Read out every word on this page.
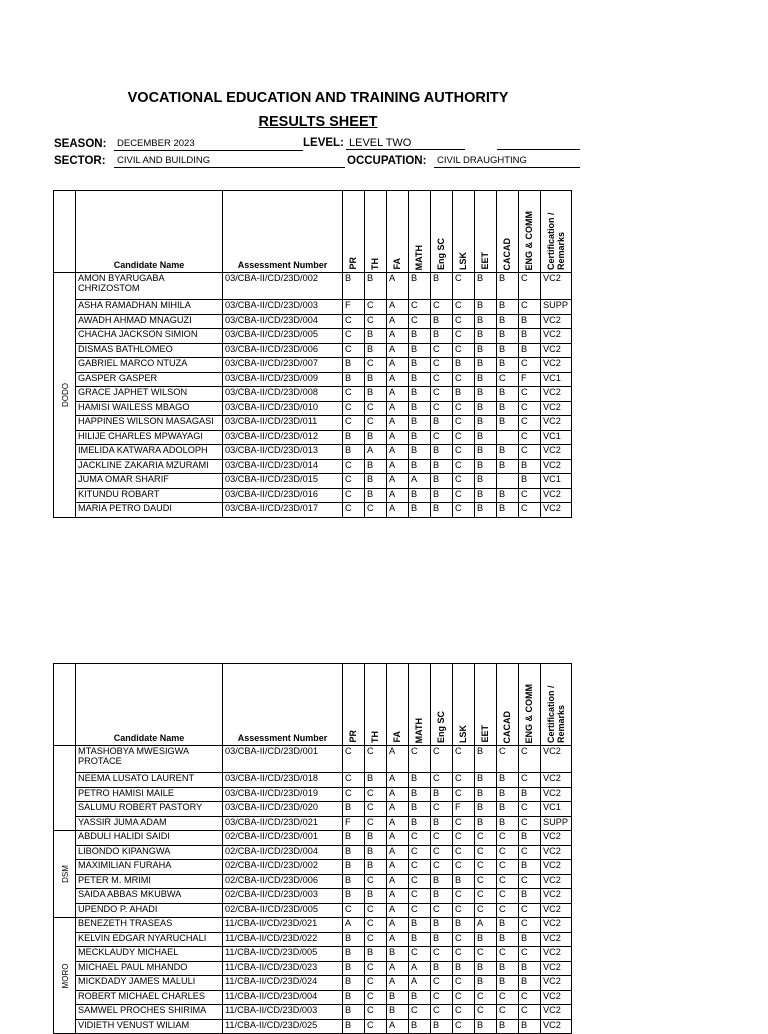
VOCATIONAL EDUCATION AND TRAINING AUTHORITY
RESULTS SHEET
SEASON:	DECEMBER 2023	LEVEL: LEVEL TWO
SECTOR:	CIVIL AND BUILDING	OCCUPATION:	CIVIL DRAUGHTING
	Candidate Name	Assessment Number	PR	TH	FA	MATH	Eng SC	LSK	EET	CACAD	ENG & COMM	Certification / Remarks

DODO	AMON BYARUGABA CHRIZOSTOM	03/CBA-II/CD/23D/002	B	B	A	B	B	C	B	B	C	VC2
	ASHA RAMADHAN MIHILA	03/CBA-II/CD/23D/003	F	C	A	C	C	C	B	B	C	SUPP
	AWADH AHMAD MNAGUZI	03/CBA-II/CD/23D/004	C	C	A	C	B	C	B	B	B	VC2
	CHACHA JACKSON SIMION	03/CBA-II/CD/23D/005	C	B	A	B	B	C	B	B	B	VC2
	DISMAS BATHLOMEO	03/CBA-II/CD/23D/006	C	B	A	B	C	C	B	B	B	VC2
	GABRIEL MARCO NTUZA	03/CBA-II/CD/23D/007	B	C	A	B	C	B	B	B	C	VC2
	GASPER GASPER	03/CBA-II/CD/23D/009	B	B	A	B	C	C	B	C	F	VC1
	GRACE JAPHET WILSON	03/CBA-II/CD/23D/008	C	B	A	B	C	B	B	B	C	VC2
	HAMISI WAILESS MBAGO	03/CBA-II/CD/23D/010	C	C	A	B	C	C	B	B	C	VC2
	HAPPINES WILSON MASAGASI	03/CBA-II/CD/23D/011	C	C	A	B	B	C	B	B	C	VC2
	HILIJE CHARLES MPWAYAGI	03/CBA-II/CD/23D/012	B	B	A	B	C	C	B		C	VC1
	IMELIDA KATWARA ADOLOPH	03/CBA-II/CD/23D/013	B	A	A	B	B	C	B	B	C	VC2
	JACKLINE ZAKARIA MZURAMI	03/CBA-II/CD/23D/014	C	B	A	B	B	C	B	B	B	VC2
	JUMA OMAR SHARIF	03/CBA-II/CD/23D/015	C	B	A	A	B	C	B		B	VC1
	KITUNDU ROBART	03/CBA-II/CD/23D/016	C	B	A	B	B	C	B	B	C	VC2
	MARIA PETRO DAUDI	03/CBA-II/CD/23D/017	C	C	A	B	B	C	B	B	C	VC2
	Candidate Name	Assessment Number	PR	TH	FA	MATH	Eng SC	LSK	EET	CACAD	ENG & COMM	Certification / Remarks

	MTASHOBYA MWESIGWA PROTACE	03/CBA-II/CD/23D/001	C	C	A	C	C	C	B	C	C	VC2
	NEEMA LUSATO LAURENT	03/CBA-II/CD/23D/018	C	B	A	B	C	C	B	B	C	VC2
	PETRO HAMISI MAILE	03/CBA-II/CD/23D/019	C	C	A	B	B	C	B	B	B	VC2
	SALUMU ROBERT PASTORY	03/CBA-II/CD/23D/020	B	C	A	B	C	F	B	B	C	VC1
	YASSIR JUMA ADAM	03/CBA-II/CD/23D/021	F	C	A	B	B	C	B	B	C	SUPP

DSM	ABDULI HALIDI SAIDI	02/CBA-II/CD/23D/001	B	B	A	C	C	C	C	C	B	VC2
	LIBONDO KIPANGWA	02/CBA-II/CD/23D/004	B	B	A	C	C	C	C	C	C	VC2
	MAXIMILIAN FURAHA	02/CBA-II/CD/23D/002	B	B	A	C	C	C	C	C	B	VC2
	PETER M. MRIMI	02/CBA-II/CD/23D/006	B	C	A	C	B	B	C	C	C	VC2
	SAIDA ABBAS MKUBWA	02/CBA-II/CD/23D/003	B	B	A	C	B	C	C	C	B	VC2
	UPENDO P. AHADI	02/CBA-II/CD/23D/005	C	C	A	C	C	C	C	C	C	VC2

MORO	BENEZETH TRASEAS	11/CBA-II/CD/23D/021	A	C	A	B	B	B	A	B	C	VC2
	KELVIN EDGAR NYARUCHALI	11/CBA-II/CD/23D/022	B	C	A	B	B	C	B	B	B	VC2
	MECKLAUDY MICHAEL	11/CBA-II/CD/23D/005	B	B	B	C	C	C	C	C	C	VC2
	MICHAEL PAUL MHANDO	11/CBA-II/CD/23D/023	B	C	A	A	B	B	B	B	B	VC2
	MICKDADY JAMES MALULI	11/CBA-II/CD/23D/024	B	C	A	A	C	C	B	B	B	VC2
	ROBERT MICHAEL CHARLES	11/CBA-II/CD/23D/004	B	C	B	B	C	C	C	C	C	VC2
	SAMWEL PROCHES SHIRIMA	11/CBA-II/CD/23D/003	B	C	B	C	C	C	C	C	C	VC2
	VIDIETH VENUST WILIAM	11/CBA-II/CD/23D/025	B	C	A	B	B	C	B	B	B	VC2
